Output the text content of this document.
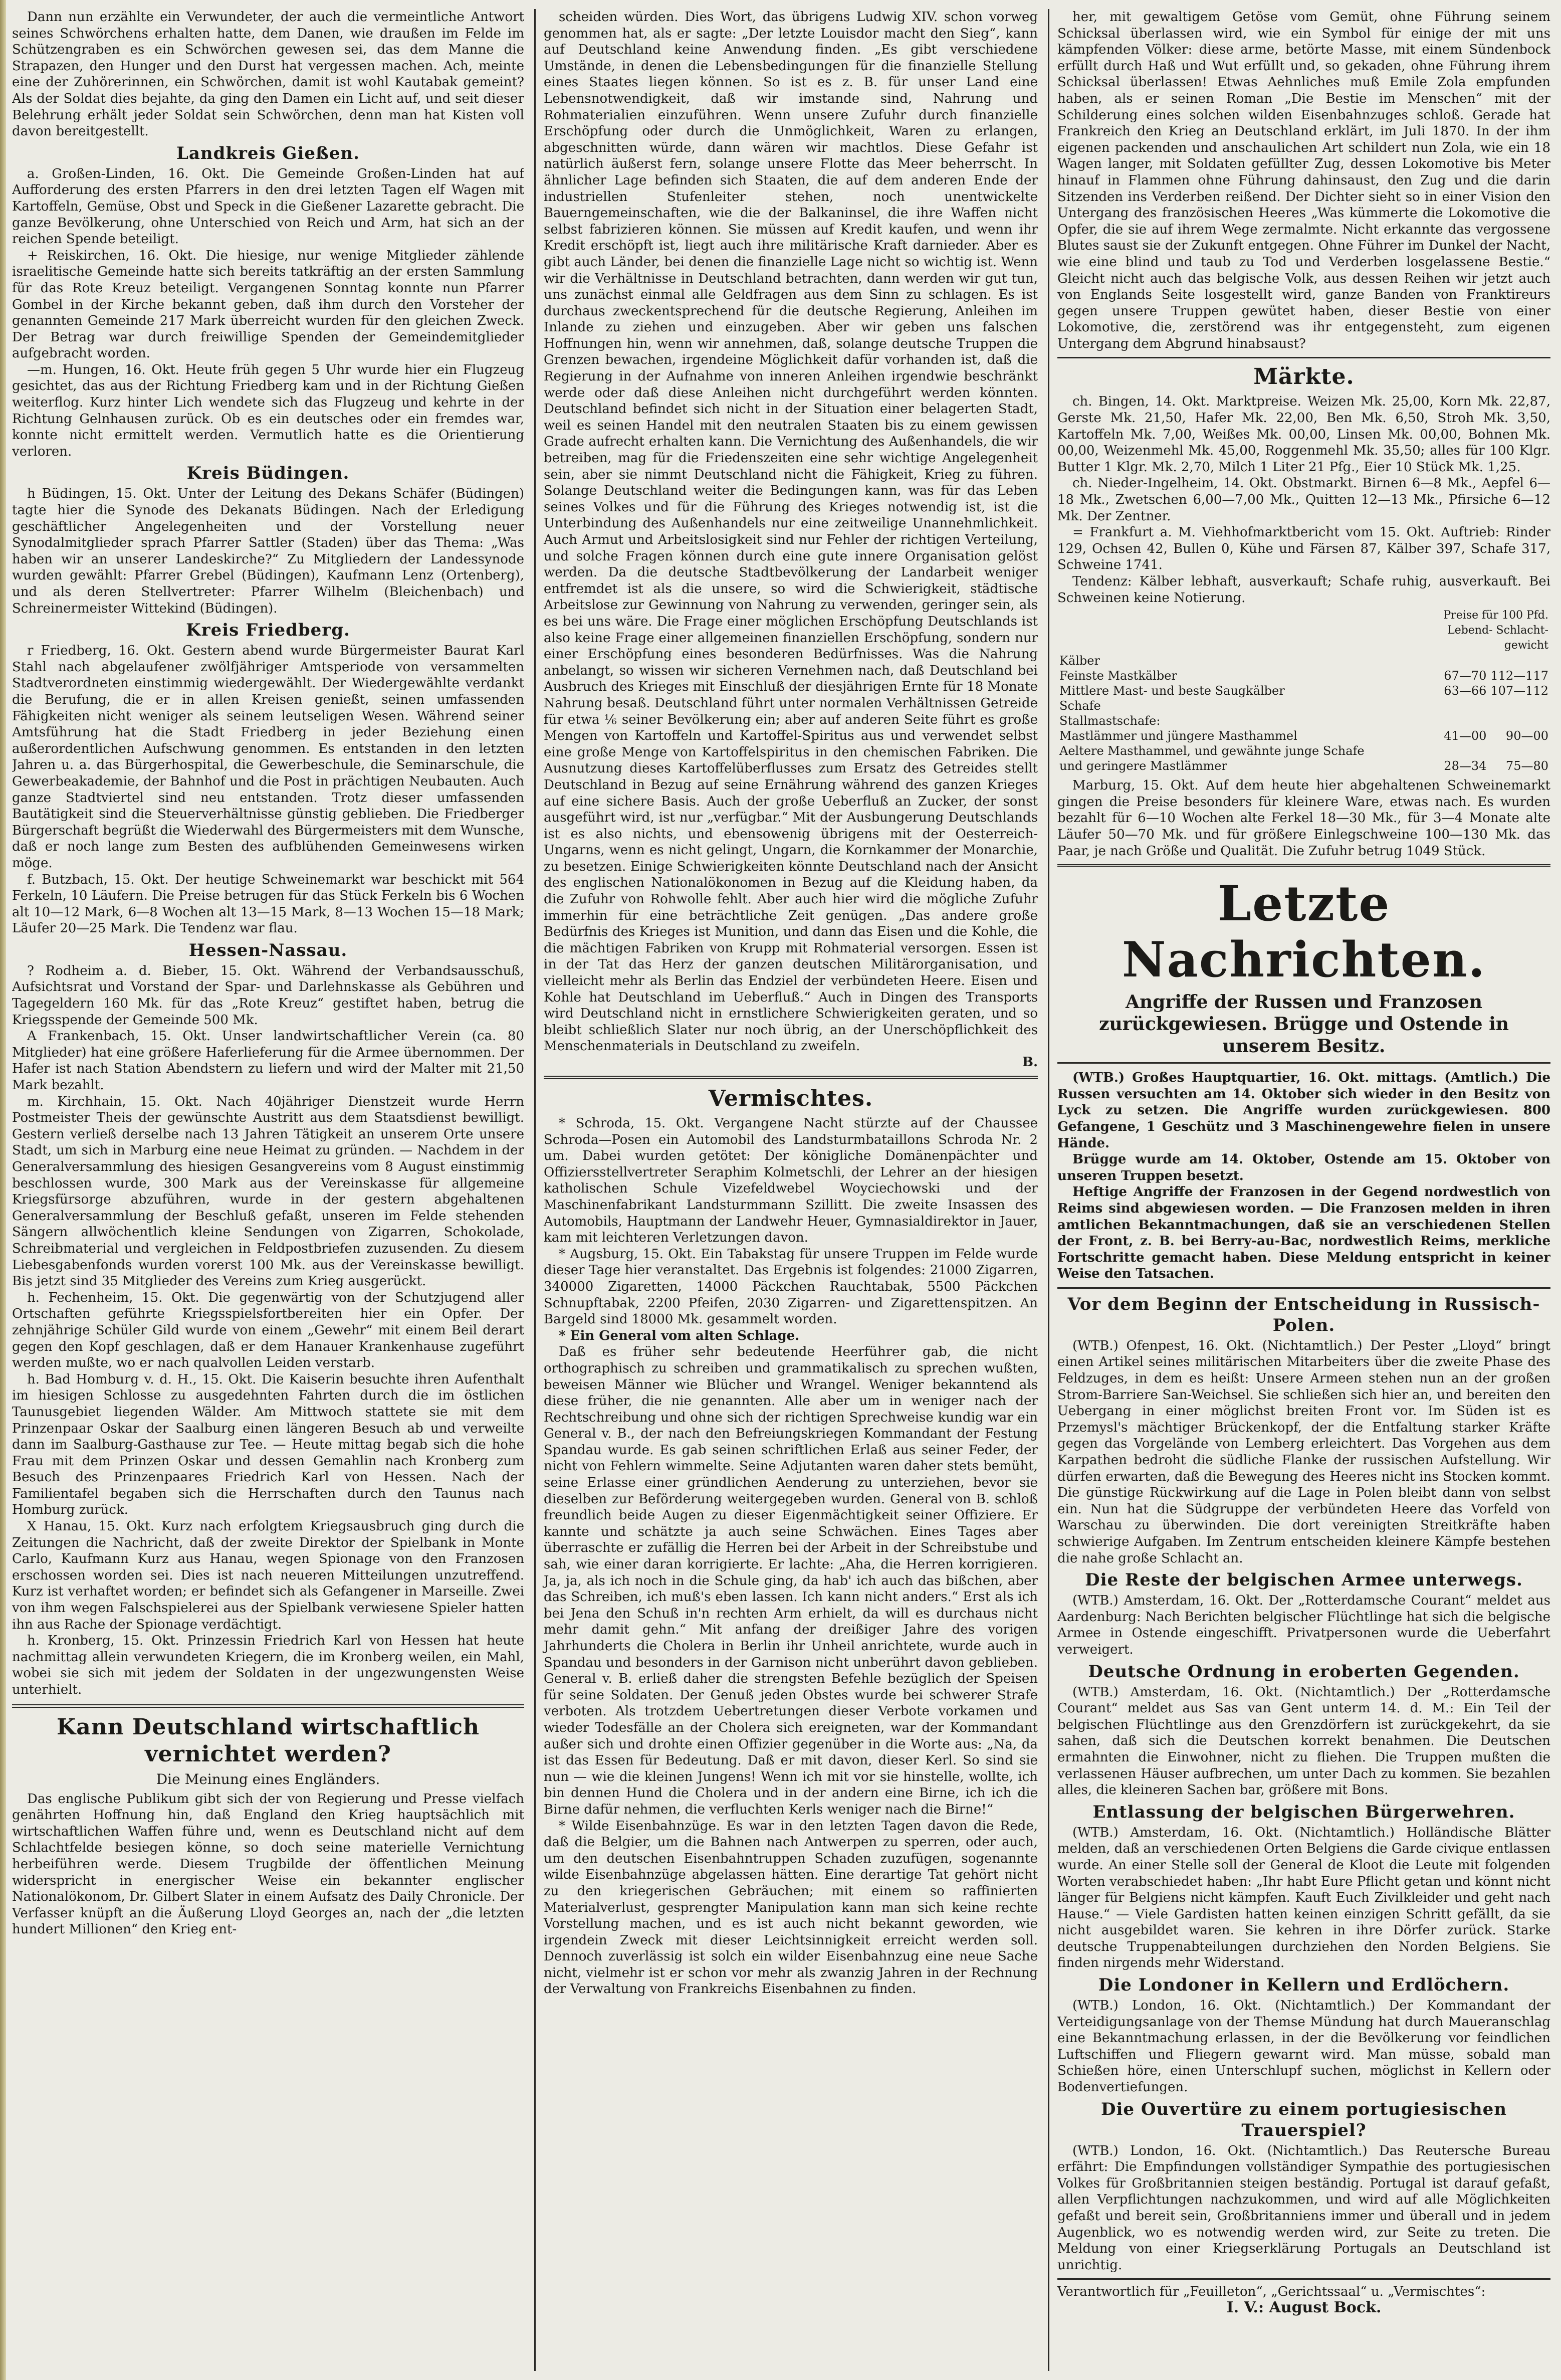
Dann nun erzählte ein Verwundeter, der auch die vermeintliche Antwort seines Schwörchens erhalten hatte, dem Danen, wie draußen im Felde im Schützengraben es ein Schwörchen gewesen sei, das dem Manne die Strapazen, den Hunger und den Durst hat vergessen machen. Ach, meinte eine der Zuhörerinnen, ein Schwörchen, damit ist wohl Kautabak gemeint? Als der Soldat dies bejahte, da ging den Damen ein Licht auf, und seit dieser Belehrung erhält jeder Soldat sein Schwörchen, denn man hat Kisten voll davon bereitgestellt.

Landkreis Gießen.

a. Großen-Linden, 16. Okt. Die Gemeinde Großen-Linden hat auf Aufforderung des ersten Pfarrers in den drei letzten Tagen elf Wagen mit Kartoffeln, Gemüse, Obst und Speck in die Gießener Lazarette gebracht. Die ganze Bevölkerung, ohne Unterschied von Reich und Arm, hat sich an der reichen Spende beteiligt.

+ Reiskirchen, 16. Okt. Die hiesige, nur wenige Mitglieder zählende israelitische Gemeinde hatte sich bereits tatkräftig an der ersten Sammlung für das Rote Kreuz beteiligt. Vergangenen Sonntag konnte nun Pfarrer Gombel in der Kirche bekannt geben, daß ihm durch den Vorsteher der genannten Gemeinde 217 Mark überreicht wurden für den gleichen Zweck. Der Betrag war durch freiwillige Spenden der Gemeindemitglieder aufgebracht worden.

—m. Hungen, 16. Okt. Heute früh gegen 5 Uhr wurde hier ein Flugzeug gesichtet, das aus der Richtung Friedberg kam und in der Richtung Gießen weiterflog. Kurz hinter Lich wendete sich das Flugzeug und kehrte in der Richtung Gelnhausen zurück. Ob es ein deutsches oder ein fremdes war, konnte nicht ermittelt werden. Vermutlich hatte es die Orientierung verloren.

Kreis Büdingen.

h Büdingen, 15. Okt. Unter der Leitung des Dekans Schäfer (Büdingen) tagte hier die Synode des Dekanats Büdingen. Nach der Erledigung geschäftlicher Angelegenheiten und der Vorstellung neuer Synodalmitglieder sprach Pfarrer Sattler (Staden) über das Thema: „Was haben wir an unserer Landeskirche?“ Zu Mitgliedern der Landessynode wurden gewählt: Pfarrer Grebel (Büdingen), Kaufmann Lenz (Ortenberg), und als deren Stellvertreter: Pfarrer Wilhelm (Bleichenbach) und Schreinermeister Wittekind (Büdingen).

Kreis Friedberg.

r Friedberg, 16. Okt. Gestern abend wurde Bürgermeister Baurat Karl Stahl nach abgelaufener zwölfjähriger Amtsperiode von versammelten Stadtverordneten einstimmig wiedergewählt. Der Wiedergewählte verdankt die Berufung, die er in allen Kreisen genießt, seinen umfassenden Fähigkeiten nicht weniger als seinem leutseligen Wesen. Während seiner Amtsführung hat die Stadt Friedberg in jeder Beziehung einen außerordentlichen Aufschwung genommen. Es entstanden in den letzten Jahren u. a. das Bürgerhospital, die Gewerbeschule, die Seminarschule, die Gewerbeakademie, der Bahnhof und die Post in prächtigen Neubauten. Auch ganze Stadtviertel sind neu entstanden. Trotz dieser umfassenden Bautätigkeit sind die Steuerverhältnisse günstig geblieben. Die Friedberger Bürgerschaft begrüßt die Wiederwahl des Bürgermeisters mit dem Wunsche, daß er noch lange zum Besten des aufblühenden Gemeinwesens wirken möge.

f. Butzbach, 15. Okt. Der heutige Schweinemarkt war beschickt mit 564 Ferkeln, 10 Läufern. Die Preise betrugen für das Stück Ferkeln bis 6 Wochen alt 10—12 Mark, 6—8 Wochen alt 13—15 Mark, 8—13 Wochen 15—18 Mark; Läufer 20—25 Mark. Die Tendenz war flau.

Hessen-Nassau.

? Rodheim a. d. Bieber, 15. Okt. Während der Verbandsausschuß, Aufsichtsrat und Vorstand der Spar- und Darlehnskasse als Gebühren und Tagegeldern 160 Mk. für das „Rote Kreuz“ gestiftet haben, betrug die Kriegsspende der Gemeinde 500 Mk.

A Frankenbach, 15. Okt. Unser landwirtschaftlicher Verein (ca. 80 Mitglieder) hat eine größere Haferlieferung für die Armee übernommen. Der Hafer ist nach Station Abendstern zu liefern und wird der Malter mit 21,50 Mark bezahlt.

m. Kirchhain, 15. Okt. Nach 40jähriger Dienstzeit wurde Herrn Postmeister Theis der gewünschte Austritt aus dem Staatsdienst bewilligt. Gestern verließ derselbe nach 13 Jahren Tätigkeit an unserem Orte unsere Stadt, um sich in Marburg eine neue Heimat zu gründen. — Nachdem in der Generalversammlung des hiesigen Gesangvereins vom 8 August einstimmig beschlossen wurde, 300 Mark aus der Vereinskasse für allgemeine Kriegsfürsorge abzuführen, wurde in der gestern abgehaltenen Generalversammlung der Beschluß gefaßt, unseren im Felde stehenden Sängern allwöchentlich kleine Sendungen von Zigarren, Schokolade, Schreibmaterial und vergleichen in Feldpostbriefen zuzusenden. Zu diesem Liebesgabenfonds wurden vorerst 100 Mk. aus der Vereinskasse bewilligt. Bis jetzt sind 35 Mitglieder des Vereins zum Krieg ausgerückt.

h. Fechenheim, 15. Okt. Die gegenwärtig von der Schutzjugend aller Ortschaften geführte Kriegsspielsfortbereiten hier ein Opfer. Der zehnjährige Schüler Gild wurde von einem „Gewehr“ mit einem Beil derart gegen den Kopf geschlagen, daß er dem Hanauer Krankenhause zugeführt werden mußte, wo er nach qualvollen Leiden verstarb.

h. Bad Homburg v. d. H., 15. Okt. Die Kaiserin besuchte ihren Aufenthalt im hiesigen Schlosse zu ausgedehnten Fahrten durch die im östlichen Taunusgebiet liegenden Wälder. Am Mittwoch stattete sie mit dem Prinzenpaar Oskar der Saalburg einen längeren Besuch ab und verweilte dann im Saalburg-Gasthause zur Tee. — Heute mittag begab sich die hohe Frau mit dem Prinzen Oskar und dessen Gemahlin nach Kronberg zum Besuch des Prinzenpaares Friedrich Karl von Hessen. Nach der Familientafel begaben sich die Herrschaften durch den Taunus nach Homburg zurück.

X Hanau, 15. Okt. Kurz nach erfolgtem Kriegsausbruch ging durch die Zeitungen die Nachricht, daß der zweite Direktor der Spielbank in Monte Carlo, Kaufmann Kurz aus Hanau, wegen Spionage von den Franzosen erschossen worden sei. Dies ist nach neueren Mitteilungen unzutreffend. Kurz ist verhaftet worden; er befindet sich als Gefangener in Marseille. Zwei von ihm wegen Falschspielerei aus der Spielbank verwiesene Spieler hatten ihn aus Rache der Spionage verdächtigt.

h. Kronberg, 15. Okt. Prinzessin Friedrich Karl von Hessen hat heute nachmittag allein verwundeten Kriegern, die im Kronberg weilen, ein Mahl, wobei sie sich mit jedem der Soldaten in der ungezwungensten Weise unterhielt.

Kann Deutschland wirtschaftlich vernichtet werden?
Die Meinung eines Engländers.

Das englische Publikum gibt sich der von Regierung und Presse vielfach genährten Hoffnung hin, daß England den Krieg hauptsächlich mit wirtschaftlichen Waffen führe und, wenn es Deutschland nicht auf dem Schlachtfelde besiegen könne, so doch seine materielle Vernichtung herbeiführen werde. Diesem Trugbilde der öffentlichen Meinung widerspricht in energischer Weise ein bekannter englischer Nationalökonom, Dr. Gilbert Slater in einem Aufsatz des Daily Chronicle. Der Verfasser knüpft an die Äußerung Lloyd Georges an, nach der „die letzten hundert Millionen“ den Krieg ent-

scheiden würden. Dies Wort, das übrigens Ludwig XIV. schon vorweg genommen hat, als er sagte: „Der letzte Louisdor macht den Sieg“, kann auf Deutschland keine Anwendung finden. „Es gibt verschiedene Umstände, in denen die Lebensbedingungen für die finanzielle Stellung eines Staates liegen können. So ist es z. B. für unser Land eine Lebensnotwendigkeit, daß wir imstande sind, Nahrung und Rohmaterialien einzuführen. Wenn unsere Zufuhr durch finanzielle Erschöpfung oder durch die Unmöglichkeit, Waren zu erlangen, abgeschnitten würde, dann wären wir machtlos. Diese Gefahr ist natürlich äußerst fern, solange unsere Flotte das Meer beherrscht. In ähnlicher Lage befinden sich Staaten, die auf dem anderen Ende der industriellen Stufenleiter stehen, noch unentwickelte Bauerngemeinschaften, wie die der Balkaninsel, die ihre Waffen nicht selbst fabrizieren können. Sie müssen auf Kredit kaufen, und wenn ihr Kredit erschöpft ist, liegt auch ihre militärische Kraft darnieder. Aber es gibt auch Länder, bei denen die finanzielle Lage nicht so wichtig ist. Wenn wir die Verhältnisse in Deutschland betrachten, dann werden wir gut tun, uns zunächst einmal alle Geldfragen aus dem Sinn zu schlagen. Es ist durchaus zweckentsprechend für die deutsche Regierung, Anleihen im Inlande zu ziehen und einzugeben. Aber wir geben uns falschen Hoffnungen hin, wenn wir annehmen, daß, solange deutsche Truppen die Grenzen bewachen, irgendeine Möglichkeit dafür vorhanden ist, daß die Regierung in der Aufnahme von inneren Anleihen irgendwie beschränkt werde oder daß diese Anleihen nicht durchgeführt werden könnten. Deutschland befindet sich nicht in der Situation einer belagerten Stadt, weil es seinen Handel mit den neutralen Staaten bis zu einem gewissen Grade aufrecht erhalten kann. Die Vernichtung des Außenhandels, die wir betreiben, mag für die Friedenszeiten eine sehr wichtige Angelegenheit sein, aber sie nimmt Deutschland nicht die Fähigkeit, Krieg zu führen. Solange Deutschland weiter die Bedingungen kann, was für das Leben seines Volkes und für die Führung des Krieges notwendig ist, ist die Unterbindung des Außenhandels nur eine zeitweilige Unannehmlichkeit. Auch Armut und Arbeitslosigkeit sind nur Fehler der richtigen Verteilung, und solche Fragen können durch eine gute innere Organisation gelöst werden. Da die deutsche Stadtbevölkerung der Landarbeit weniger entfremdet ist als die unsere, so wird die Schwierigkeit, städtische Arbeitslose zur Gewinnung von Nahrung zu verwenden, geringer sein, als es bei uns wäre. Die Frage einer möglichen Erschöpfung Deutschlands ist also keine Frage einer allgemeinen finanziellen Erschöpfung, sondern nur einer Erschöpfung eines besonderen Bedürfnisses. Was die Nahrung anbelangt, so wissen wir sicheren Vernehmen nach, daß Deutschland bei Ausbruch des Krieges mit Einschluß der diesjährigen Ernte für 18 Monate Nahrung besaß. Deutschland führt unter normalen Verhältnissen Getreide für etwa ⅙ seiner Bevölkerung ein; aber auf anderen Seite führt es große Mengen von Kartoffeln und Kartoffel-Spiritus aus und verwendet selbst eine große Menge von Kartoffelspiritus in den chemischen Fabriken. Die Ausnutzung dieses Kartoffelüberflusses zum Ersatz des Getreides stellt Deutschland in Bezug auf seine Ernährung während des ganzen Krieges auf eine sichere Basis. Auch der große Ueberfluß an Zucker, der sonst ausgeführt wird, ist nur „verfügbar.“ Mit der Ausbungerung Deutschlands ist es also nichts, und ebensowenig übrigens mit der Oesterreich-Ungarns, wenn es nicht gelingt, Ungarn, die Kornkammer der Monarchie, zu besetzen. Einige Schwierigkeiten könnte Deutschland nach der Ansicht des englischen Nationalökonomen in Bezug auf die Kleidung haben, da die Zufuhr von Rohwolle fehlt. Aber auch hier wird die mögliche Zufuhr immerhin für eine beträchtliche Zeit genügen. „Das andere große Bedürfnis des Krieges ist Munition, und dann das Eisen und die Kohle, die die mächtigen Fabriken von Krupp mit Rohmaterial versorgen. Essen ist in der Tat das Herz der ganzen deutschen Militärorganisation, und vielleicht mehr als Berlin das Endziel der verbündeten Heere. Eisen und Kohle hat Deutschland im Ueberfluß.“ Auch in Dingen des Transports wird Deutschland nicht in ernstlichere Schwierigkeiten geraten, und so bleibt schließlich Slater nur noch übrig, an der Unerschöpflichkeit des Menschenmaterials in Deutschland zu zweifeln.

B.
Vermischtes.

* Schroda, 15. Okt. Vergangene Nacht stürzte auf der Chaussee Schroda—Posen ein Automobil des Landsturmbataillons Schroda Nr. 2 um. Dabei wurden getötet: Der königliche Domänenpächter und Offiziersstellvertreter Seraphim Kolmetschli, der Lehrer an der hiesigen katholischen Schule Vizefeldwebel Woyciechowski und der Maschinenfabrikant Landsturmmann Szillitt. Die zweite Insassen des Automobils, Hauptmann der Landwehr Heuer, Gymnasialdirektor in Jauer, kam mit leichteren Verletzungen davon.

* Augsburg, 15. Okt. Ein Tabakstag für unsere Truppen im Felde wurde dieser Tage hier veranstaltet. Das Ergebnis ist folgendes: 21000 Zigarren, 340000 Zigaretten, 14000 Päckchen Rauchtabak, 5500 Päckchen Schnupftabak, 2200 Pfeifen, 2030 Zigarren- und Zigarettenspitzen. An Bargeld sind 18000 Mk. gesammelt worden.

* Ein General vom alten Schlage.

Daß es früher sehr bedeutende Heerführer gab, die nicht orthographisch zu schreiben und grammatikalisch zu sprechen wußten, beweisen Männer wie Blücher und Wrangel. Weniger bekanntend als diese früher, die nie genannten. Alle aber um in weniger nach der Rechtschreibung und ohne sich der richtigen Sprechweise kundig war ein General v. B., der nach den Befreiungskriegen Kommandant der Festung Spandau wurde. Es gab seinen schriftlichen Erlaß aus seiner Feder, der nicht von Fehlern wimmelte. Seine Adjutanten waren daher stets bemüht, seine Erlasse einer gründlichen Aenderung zu unterziehen, bevor sie dieselben zur Beförderung weitergegeben wurden. General von B. schloß freundlich beide Augen zu dieser Eigenmächtigkeit seiner Offiziere. Er kannte und schätzte ja auch seine Schwächen. Eines Tages aber überraschte er zufällig die Herren bei der Arbeit in der Schreibstube und sah, wie einer daran korrigierte. Er lachte: „Aha, die Herren korrigieren. Ja, ja, als ich noch in die Schule ging, da hab' ich auch das bißchen, aber das Schreiben, ich muß's eben lassen. Ich kann nicht anders.“ Erst als ich bei Jena den Schuß in'n rechten Arm erhielt, da will es durchaus nicht mehr damit gehn.“ Mit anfang der dreißiger Jahre des vorigen Jahrhunderts die Cholera in Berlin ihr Unheil anrichtete, wurde auch in Spandau und besonders in der Garnison nicht unberührt davon geblieben. General v. B. erließ daher die strengsten Befehle bezüglich der Speisen für seine Soldaten. Der Genuß jeden Obstes wurde bei schwerer Strafe verboten. Als trotzdem Uebertretungen dieser Verbote vorkamen und wieder Todesfälle an der Cholera sich ereigneten, war der Kommandant außer sich und drohte einen Offizier gegenüber in die Worte aus: „Na, da ist das Essen für Bedeutung. Daß er mit davon, dieser Kerl. So sind sie nun — wie die kleinen Jungens! Wenn ich mit vor sie hinstelle, wollte, ich bin dennen Hund die Cholera und in der andern eine Birne, ich ich die Birne dafür nehmen, die verfluchten Kerls weniger nach die Birne!“

* Wilde Eisenbahnzüge. Es war in den letzten Tagen davon die Rede, daß die Belgier, um die Bahnen nach Antwerpen zu sperren, oder auch, um den deutschen Eisenbahntruppen Schaden zuzufügen, sogenannte wilde Eisenbahnzüge abgelassen hätten. Eine derartige Tat gehört nicht zu den kriegerischen Gebräuchen; mit einem so raffinierten Materialverlust, gesprengter Manipulation kann man sich keine rechte Vorstellung machen, und es ist auch nicht bekannt geworden, wie irgendein Zweck mit dieser Leichtsinnigkeit erreicht werden soll. Dennoch zuverlässig ist solch ein wilder Eisenbahnzug eine neue Sache nicht, vielmehr ist er schon vor mehr als zwanzig Jahren in der Rechnung der Verwaltung von Frankreichs Eisenbahnen zu finden.

her, mit gewaltigem Getöse vom Gemüt, ohne Führung seinem Schicksal überlassen wird, wie ein Symbol für einige der mit uns kämpfenden Völker: diese arme, betörte Masse, mit einem Sündenbock erfüllt durch Haß und Wut erfüllt und, so gekaden, ohne Führung ihrem Schicksal überlassen! Etwas Aehnliches muß Emile Zola empfunden haben, als er seinen Roman „Die Bestie im Menschen“ mit der Schilderung eines solchen wilden Eisenbahnzuges schloß. Gerade hat Frankreich den Krieg an Deutschland erklärt, im Juli 1870. In der ihm eigenen packenden und anschaulichen Art schildert nun Zola, wie ein 18 Wagen langer, mit Soldaten gefüllter Zug, dessen Lokomotive bis Meter hinauf in Flammen ohne Führung dahinsaust, den Zug und die darin Sitzenden ins Verderben reißend. Der Dichter sieht so in einer Vision den Untergang des französischen Heeres „Was kümmerte die Lokomotive die Opfer, die sie auf ihrem Wege zermalmte. Nicht erkannte das vergossene Blutes saust sie der Zukunft entgegen. Ohne Führer im Dunkel der Nacht, wie eine blind und taub zu Tod und Verderben losgelassene Bestie.“ Gleicht nicht auch das belgische Volk, aus dessen Reihen wir jetzt auch von Englands Seite losgestellt wird, ganze Banden von Franktireurs gegen unsere Truppen gewütet haben, dieser Bestie von einer Lokomotive, die, zerstörend was ihr entgegensteht, zum eigenen Untergang dem Abgrund hinabsaust?

Märkte.

ch. Bingen, 14. Okt. Marktpreise. Weizen Mk. 25,00, Korn Mk. 22,87, Gerste Mk. 21,50, Hafer Mk. 22,00, Ben Mk. 6,50, Stroh Mk. 3,50, Kartoffeln Mk. 7,00, Weißes Mk. 00,00, Linsen Mk. 00,00, Bohnen Mk. 00,00, Weizenmehl Mk. 45,00, Roggenmehl Mk. 35,50; alles für 100 Klgr. Butter 1 Klgr. Mk. 2,70, Milch 1 Liter 21 Pfg., Eier 10 Stück Mk. 1,25.

ch. Nieder-Ingelheim, 14. Okt. Obstmarkt. Birnen 6—8 Mk., Aepfel 6—18 Mk., Zwetschen 6,00—7,00 Mk., Quitten 12—13 Mk., Pfirsiche 6—12 Mk. Der Zentner.

= Frankfurt a. M. Viehhofmarktbericht vom 15. Okt. Auftrieb: Rinder 129, Ochsen 42, Bullen 0, Kühe und Färsen 87, Kälber 397, Schafe 317, Schweine 1741.

Tendenz: Kälber lebhaft, ausverkauft; Schafe ruhig, ausverkauft. Bei Schweinen keine Notierung.

	Preise für 100 Pfd.
Lebend- Schlacht-
gewicht	

Kälber		
Feinste Mastkälber	67—70	112—117
Mittlere Mast- und beste Saugkälber	63—66	107—112
Schafe		
Stallmastschafe:		
Mastlämmer und jüngere Masthammel	41—00	90—00
Aeltere Masthammel, und gewähnte junge Schafe		
und geringere Mastlämmer	28—34	75—80

Marburg, 15. Okt. Auf dem heute hier abgehaltenen Schweinemarkt gingen die Preise besonders für kleinere Ware, etwas nach. Es wurden bezahlt für 6—10 Wochen alte Ferkel 18—30 Mk., für 3—4 Monate alte Läufer 50—70 Mk. und für größere Einlegschweine 100—130 Mk. das Paar, je nach Größe und Qualität. Die Zufuhr betrug 1049 Stück.

Letzte Nachrichten.
Angriffe der Russen und Franzosen zurückgewiesen. Brügge und Ostende in unserem Besitz.

(WTB.) Großes Hauptquartier, 16. Okt. mittags. (Amtlich.) Die Russen versuchten am 14. Oktober sich wieder in den Besitz von Lyck zu setzen. Die Angriffe wurden zurückgewiesen. 800 Gefangene, 1 Geschütz und 3 Maschinengewehre fielen in unsere Hände.

Brügge wurde am 14. Oktober, Ostende am 15. Oktober von unseren Truppen besetzt.

Heftige Angriffe der Franzosen in der Gegend nordwestlich von Reims sind abgewiesen worden. — Die Franzosen melden in ihren amtlichen Bekanntmachungen, daß sie an verschiedenen Stellen der Front, z. B. bei Berry-au-Bac, nordwestlich Reims, merkliche Fortschritte gemacht haben. Diese Meldung entspricht in keiner Weise den Tatsachen.

Vor dem Beginn der Entscheidung in Russisch-Polen.

(WTB.) Ofenpest, 16. Okt. (Nichtamtlich.) Der Pester „Lloyd“ bringt einen Artikel seines militärischen Mitarbeiters über die zweite Phase des Feldzuges, in dem es heißt: Unsere Armeen stehen nun an der großen Strom-Barriere San-Weichsel. Sie schließen sich hier an, und bereiten den Uebergang in einer möglichst breiten Front vor. Im Süden ist es Przemysl's mächtiger Brückenkopf, der die Entfaltung starker Kräfte gegen das Vorgelände von Lemberg erleichtert. Das Vorgehen aus dem Karpathen bedroht die südliche Flanke der russischen Aufstellung. Wir dürfen erwarten, daß die Bewegung des Heeres nicht ins Stocken kommt. Die günstige Rückwirkung auf die Lage in Polen bleibt dann von selbst ein. Nun hat die Südgruppe der verbündeten Heere das Vorfeld von Warschau zu überwinden. Die dort vereinigten Streitkräfte haben schwierige Aufgaben. Im Zentrum entscheiden kleinere Kämpfe bestehen die nahe große Schlacht an.

Die Reste der belgischen Armee unterwegs.

(WTB.) Amsterdam, 16. Okt. Der „Rotterdamsche Courant“ meldet aus Aardenburg: Nach Berichten belgischer Flüchtlinge hat sich die belgische Armee in Ostende eingeschifft. Privatpersonen wurde die Ueberfahrt verweigert.

Deutsche Ordnung in eroberten Gegenden.

(WTB.) Amsterdam, 16. Okt. (Nichtamtlich.) Der „Rotterdamsche Courant“ meldet aus Sas van Gent unterm 14. d. M.: Ein Teil der belgischen Flüchtlinge aus den Grenzdörfern ist zurückgekehrt, da sie sahen, daß sich die Deutschen korrekt benahmen. Die Deutschen ermahnten die Einwohner, nicht zu fliehen. Die Truppen mußten die verlassenen Häuser aufbrechen, um unter Dach zu kommen. Sie bezahlen alles, die kleineren Sachen bar, größere mit Bons.

Entlassung der belgischen Bürgerwehren.

(WTB.) Amsterdam, 16. Okt. (Nichtamtlich.) Holländische Blätter melden, daß an verschiedenen Orten Belgiens die Garde civique entlassen wurde. An einer Stelle soll der General de Kloot die Leute mit folgenden Worten verabschiedet haben: „Ihr habt Eure Pflicht getan und könnt nicht länger für Belgiens nicht kämpfen. Kauft Euch Zivilkleider und geht nach Hause.“ — Viele Gardisten hatten keinen einzigen Schritt gefällt, da sie nicht ausgebildet waren. Sie kehren in ihre Dörfer zurück. Starke deutsche Truppenabteilungen durchziehen den Norden Belgiens. Sie finden nirgends mehr Widerstand.

Die Londoner in Kellern und Erdlöchern.

(WTB.) London, 16. Okt. (Nichtamtlich.) Der Kommandant der Verteidigungsanlage von der Themse Mündung hat durch Maueranschlag eine Bekanntmachung erlassen, in der die Bevölkerung vor feindlichen Luftschiffen und Fliegern gewarnt wird. Man müsse, sobald man Schießen höre, einen Unterschlupf suchen, möglichst in Kellern oder Bodenvertiefungen.

Die Ouvertüre zu einem portugiesischen Trauerspiel?

(WTB.) London, 16. Okt. (Nichtamtlich.) Das Reutersche Bureau erfährt: Die Empfindungen vollständiger Sympathie des portugiesischen Volkes für Großbritannien steigen beständig. Portugal ist darauf gefaßt, allen Verpflichtungen nachzukommen, und wird auf alle Möglichkeiten gefaßt und bereit sein, Großbritanniens immer und überall und in jedem Augenblick, wo es notwendig werden wird, zur Seite zu treten. Die Meldung von einer Kriegserklärung Portugals an Deutschland ist unrichtig.

Verantwortlich für „Feuilleton“, „Gerichtssaal“ u. „Vermischtes“:
I. V.: August Bock.
